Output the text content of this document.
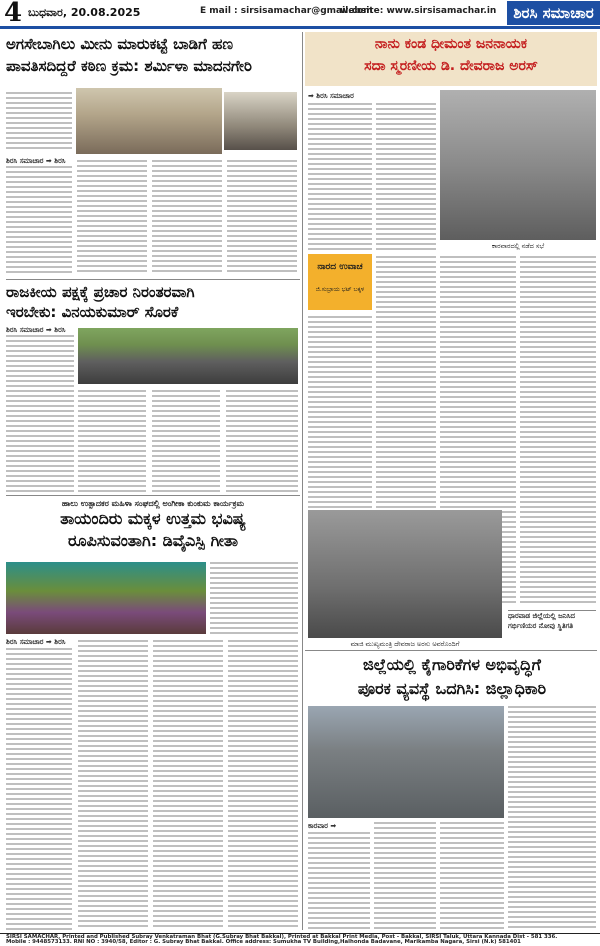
4 ಬುಧವಾರ, 20.08.2025	E mail : sirsisamachar@gmail.com
website: www.sirsisamachar.in	ಶಿರಸಿ ಸಮಾಚಾರ
ಅಗಸೇಬಾಗಿಲು ಮೀನು ಮಾರುಕಟ್ಟೆ ಬಾಡಿಗೆ ಹಣ
ಪಾವತಿಸದಿದ್ದರೆ ಕಠಿಣ ಕ್ರಮ: ಶರ್ಮಿಳಾ ಮಾದನಗೇರಿ
ಶಿರಸಿ ಸಮಾಚಾರ ➡ ಶಿರಸಿ
ರಾಜಕೀಯ ಪಕ್ಷಕ್ಕೆ ಪ್ರಚಾರ ನಿರಂತರವಾಗಿ
ಇರಬೇಕು: ವಿನಯಕುಮಾರ್ ಸೊರಕೆ
ಶಿರಸಿ ಸಮಾಚಾರ ➡ ಶಿರಸಿ
ಹಾಲು ಉತ್ಪಾದಕರ ಮಹಿಳಾ ಸಂಘದಲ್ಲಿ ಅಂಗೀಕಾ ಕುಂಕುಮ ಕಾರ್ಯಕ್ರಮ
ತಾಯಂದಿರು ಮಕ್ಕಳ ಉತ್ತಮ ಭವಿಷ್ಯ
ರೂಪಿಸುವಂತಾಗಿ: ಡಿವೈಎಸ್ಪಿ ಗೀತಾ
ಶಿರಸಿ ಸಮಾಚಾರ ➡ ಶಿರಸಿ
ನಾನು ಕಂಡ ಧೀಮಂತ ಜನನಾಯಕ
ಸದಾ ಸ್ಮರಣೀಯ ಡಿ. ದೇವರಾಜ ಅರಸ್
➡ ಶಿರಸಿ ಸಮಾಚಾರ
ಕಾರವಾರದಲ್ಲಿ ನಡೆದ ಸಭೆ
ನಾರದ ಉವಾಚ
ಜಿ.ಸುಬ್ರಾಯ ಭಟ್ ಬಕ್ಕಳ
ಮಾಜಿ ಮುಖ್ಯಮಂತ್ರಿ ದೇವರಾಜ ಅರಸು ಅವರೊಂದಿಗೆ
ಧಾರವಾಡ ಜಿಲ್ಲೆಯಲ್ಲಿ ಜನಿಸಿದ
ಗರ್ಭಿಣಿಯರ ನೋವು ಸ್ಥಿತಿಗತಿ
ಜಿಲ್ಲೆಯಲ್ಲಿ ಕೈಗಾರಿಕೆಗಳ ಅಭಿವೃದ್ಧಿಗೆ
ಪೂರಕ ವ್ಯವಸ್ಥೆ ಒದಗಿಸಿ: ಜಿಲ್ಲಾಧಿಕಾರಿ
ಕಾರವಾರ ➡
SIRSI SAMACHAR, Printed and Published Subray Venkatraman Bhat (G.Subray Bhat Bakkal), Printed at Bakkal Print Media, Post - Bakkal, SIRSI Taluk, Uttara Kannada Dist - 581 336.
Mobile : 9448573133. RNI NO : 3940/58, Editor : G. Subray Bhat Bakkal. Office address: Sumukha TV Building,Halhonda Badavane, Marikamba Nagara, Sirsi (N.k) 581401
